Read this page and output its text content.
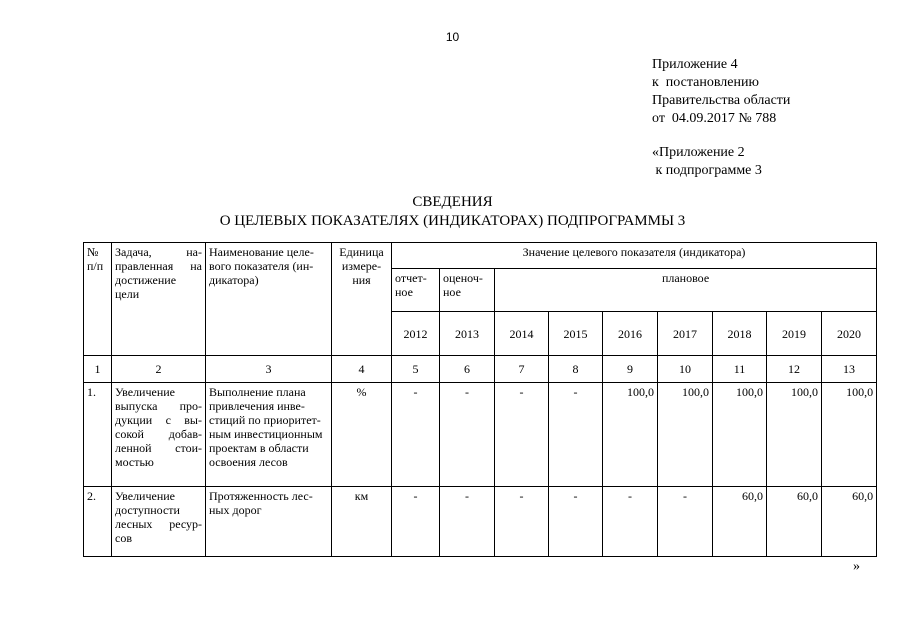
10
Приложение 4
к  постановлению
Правительства области
от  04.09.2017 № 788
«Приложение 2
к подпрограмме 3
СВЕДЕНИЯ
О ЦЕЛЕВЫХ ПОКАЗАТЕЛЯХ (ИНДИКАТОРАХ) ПОДПРОГРАММЫ 3
№ п/п	Задача, на-правленная на достижение цели	Наименование целе-вого показателя (ин-дикатора)	Единица измере-ния	Значение целевого показателя (индикатора)								
				отчет-ное	оценоч-ное	плановое						
				2012	2013	2014	2015	2016	2017	2018	2019	2020
1	2	3	4	5	6	7	8	9	10	11	12	13
1.	Увеличение выпуска про-дукции с вы-сокой добав-ленной стои-мостью	Выполнение плана привлечения инве-стиций по приоритет-ным инвестиционным проектам в области освоения лесов	%	-	-	-	-	100,0	100,0	100,0	100,0	100,0
2.	Увеличение доступности лесных ресур-сов	Протяженность лес-ных дорог	км	-	-	-	-	-	-	60,0	60,0	60,0
»
